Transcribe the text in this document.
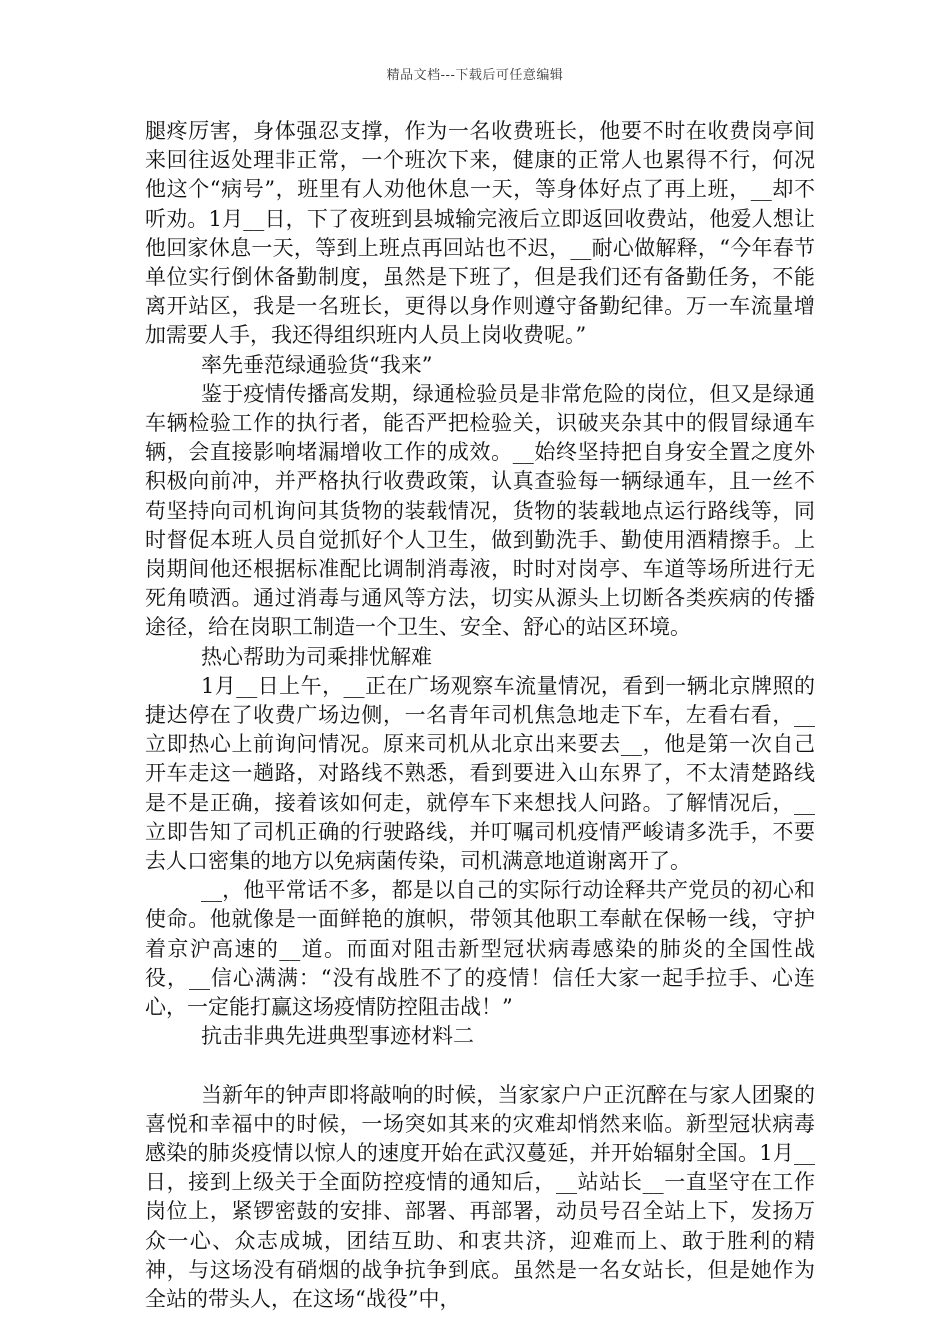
精品文档---下载后可任意编辑

腿疼厉害，身体强忍支撑，作为一名收费班长，他要不时在收费岗亭间来回往返处理非正常，一个班次下来，健康的正常人也累得不行，何况他这个“病号”，班里有人劝他休息一天，等身体好点了再上班，__却不听劝。1月__日，下了夜班到县城输完液后立即返回收费站，他爱人想让他回家休息一天，等到上班点再回站也不迟，__耐心做解释，“今年春节单位实行倒休备勤制度，虽然是下班了，但是我们还有备勤任务，不能离开站区，我是一名班长，更得以身作则遵守备勤纪律。万一车流量增加需要人手，我还得组织班内人员上岗收费呢。”

率先垂范绿通验货“我来”

鉴于疫情传播高发期，绿通检验员是非常危险的岗位，但又是绿通车辆检验工作的执行者，能否严把检验关，识破夹杂其中的假冒绿通车辆，会直接影响堵漏增收工作的成效。__始终坚持把自身安全置之度外积极向前冲，并严格执行收费政策，认真查验每一辆绿通车，且一丝不苟坚持向司机询问其货物的装载情况，货物的装载地点运行路线等，同时督促本班人员自觉抓好个人卫生，做到勤洗手、勤使用酒精擦手。上岗期间他还根据标准配比调制消毒液，时时对岗亭、车道等场所进行无死角喷洒。通过消毒与通风等方法，切实从源头上切断各类疾病的传播途径，给在岗职工制造一个卫生、安全、舒心的站区环境。

热心帮助为司乘排忧解难

1月__日上午，__正在广场观察车流量情况，看到一辆北京牌照的捷达停在了收费广场边侧，一名青年司机焦急地走下车，左看右看，__立即热心上前询问情况。原来司机从北京出来要去__，他是第一次自己开车走这一趟路，对路线不熟悉，看到要进入山东界了，不太清楚路线是不是正确，接着该如何走，就停车下来想找人问路。了解情况后，__立即告知了司机正确的行驶路线，并叮嘱司机疫情严峻请多洗手，不要去人口密集的地方以免病菌传染，司机满意地道谢离开了。

__，他平常话不多，都是以自己的实际行动诠释共产党员的初心和使命。他就像是一面鲜艳的旗帜，带领其他职工奉献在保畅一线，守护着京沪高速的__道。而面对阻击新型冠状病毒感染的肺炎的全国性战役，__信心满满：“没有战胜不了的疫情！信任大家一起手拉手、心连心，一定能打赢这场疫情防控阻击战！”

抗击非典先进典型事迹材料二

当新年的钟声即将敲响的时候，当家家户户正沉醉在与家人团聚的喜悦和幸福中的时候，一场突如其来的灾难却悄然来临。新型冠状病毒感染的肺炎疫情以惊人的速度开始在武汉蔓延，并开始辐射全国。1月__日，接到上级关于全面防控疫情的通知后，__站站长__一直坚守在工作岗位上，紧锣密鼓的安排、部署、再部署，动员号召全站上下，发扬万众一心、众志成城，团结互助、和衷共济，迎难而上、敢于胜利的精神，与这场没有硝烟的战争抗争到底。虽然是一名女站长，但是她作为全站的带头人，在这场“战役”中，
